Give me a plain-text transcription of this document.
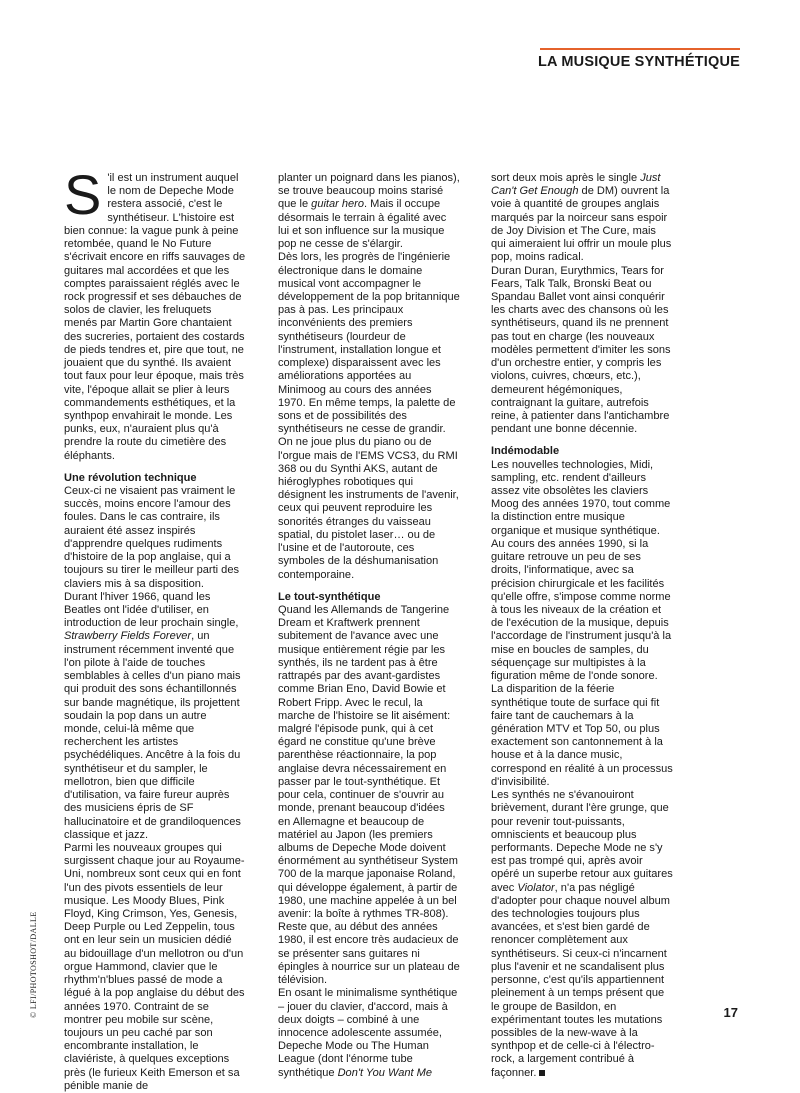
LA MUSIQUE SYNTHÉTIQUE

S 'il est un instrument auquel le nom de Depeche Mode restera associé, c'est le synthétiseur. L'histoire est bien connue: la vague punk à peine retombée, quand le No Future s'écrivait encore en riffs sauvages de guitares mal accordées et que les comptes paraissaient réglés avec le rock progressif et ses débauches de solos de clavier, les freluquets menés par Martin Gore chantaient des sucreries, portaient des costards de pieds tendres et, pire que tout, ne jouaient que du synthé. Ils avaient tout faux pour leur époque, mais très vite, l'époque allait se plier à leurs commandements esthétiques, et la synthpop envahirait le monde. Les punks, eux, n'auraient plus qu'à prendre la route du cimetière des éléphants.

Une révolution technique

Ceux-ci ne visaient pas vraiment le succès, moins encore l'amour des foules. Dans le cas contraire, ils auraient été assez inspirés d'apprendre quelques rudiments d'histoire de la pop anglaise, qui a toujours su tirer le meilleur parti des claviers mis à sa disposition.

Durant l'hiver 1966, quand les Beatles ont l'idée d'utiliser, en introduction de leur prochain single, Strawberry Fields Forever, un instrument récemment inventé que l'on pilote à l'aide de touches semblables à celles d'un piano mais qui produit des sons échantillonnés sur bande magnétique, ils projettent soudain la pop dans un autre monde, celui-là même que recherchent les artistes psychédéliques. Ancêtre à la fois du synthétiseur et du sampler, le mellotron, bien que difficile d'utilisation, va faire fureur auprès des musiciens épris de SF hallucinatoire et de grandiloquences classique et jazz.

Parmi les nouveaux groupes qui surgissent chaque jour au Royaume-Uni, nombreux sont ceux qui en font l'un des pivots essentiels de leur musique. Les Moody Blues, Pink Floyd, King Crimson, Yes, Genesis, Deep Purple ou Led Zeppelin, tous ont en leur sein un musicien dédié au bidouillage d'un mellotron ou d'un orgue Hammond, clavier que le rhythm'n'blues passé de mode a légué à la pop anglaise du début des années 1970. Contraint de se montrer peu mobile sur scène, toujours un peu caché par son encombrante installation, le claviériste, à quelques exceptions près (le furieux Keith Emerson et sa pénible manie de

planter un poignard dans les pianos), se trouve beaucoup moins starisé que le guitar hero. Mais il occupe désormais le terrain à égalité avec lui et son influence sur la musique pop ne cesse de s'élargir.

Dès lors, les progrès de l'ingénierie électronique dans le domaine musical vont accompagner le développement de la pop britannique pas à pas. Les principaux inconvénients des premiers synthétiseurs (lourdeur de l'instrument, installation longue et complexe) disparaissent avec les améliorations apportées au Minimoog au cours des années 1970. En même temps, la palette de sons et de possibilités des synthétiseurs ne cesse de grandir. On ne joue plus du piano ou de l'orgue mais de l'EMS VCS3, du RMI 368 ou du Synthi AKS, autant de hiéroglyphes robotiques qui désignent les instruments de l'avenir, ceux qui peuvent reproduire les sonorités étranges du vaisseau spatial, du pistolet laser… ou de l'usine et de l'autoroute, ces symboles de la déshumanisation contemporaine.

Le tout-synthétique

Quand les Allemands de Tangerine Dream et Kraftwerk prennent subitement de l'avance avec une musique entièrement régie par les synthés, ils ne tardent pas à être rattrapés par des avant-gardistes comme Brian Eno, David Bowie et Robert Fripp. Avec le recul, la marche de l'histoire se lit aisément: malgré l'épisode punk, qui à cet égard ne constitue qu'une brève parenthèse réactionnaire, la pop anglaise devra nécessairement en passer par le tout-synthétique. Et pour cela, continuer de s'ouvrir au monde, prenant beaucoup d'idées en Allemagne et beaucoup de matériel au Japon (les premiers albums de Depeche Mode doivent énormément au synthétiseur System 700 de la marque japonaise Roland, qui développe également, à partir de 1980, une machine appelée à un bel avenir: la boîte à rythmes TR-808). Reste que, au début des années 1980, il est encore très audacieux de se présenter sans guitares ni épingles à nourrice sur un plateau de télévision.

En osant le minimalisme synthétique – jouer du clavier, d'accord, mais à deux doigts – combiné à une innocence adolescente assumée, Depeche Mode ou The Human League (dont l'énorme tube synthétique Don't You Want Me

sort deux mois après le single Just Can't Get Enough de DM) ouvrent la voie à quantité de groupes anglais marqués par la noirceur sans espoir de Joy Division et The Cure, mais qui aimeraient lui offrir un moule plus pop, moins radical.

Duran Duran, Eurythmics, Tears for Fears, Talk Talk, Bronski Beat ou Spandau Ballet vont ainsi conquérir les charts avec des chansons où les synthétiseurs, quand ils ne prennent pas tout en charge (les nouveaux modèles permettent d'imiter les sons d'un orchestre entier, y compris les violons, cuivres, chœurs, etc.), demeurent hégémoniques, contraignant la guitare, autrefois reine, à patienter dans l'antichambre pendant une bonne décennie.

Indémodable

Les nouvelles technologies, Midi, sampling, etc. rendent d'ailleurs assez vite obsolètes les claviers Moog des années 1970, tout comme la distinction entre musique organique et musique synthétique. Au cours des années 1990, si la guitare retrouve un peu de ses droits, l'informatique, avec sa précision chirurgicale et les facilités qu'elle offre, s'impose comme norme à tous les niveaux de la création et de l'exécution de la musique, depuis l'accordage de l'instrument jusqu'à la mise en boucles de samples, du séquençage sur multipistes à la figuration même de l'onde sonore. La disparition de la féerie synthétique toute de surface qui fit faire tant de cauchemars à la génération MTV et Top 50, ou plus exactement son cantonnement à la house et à la dance music, correspond en réalité à un processus d'invisibilité.

Les synthés ne s'évanouiront brièvement, durant l'ère grunge, que pour revenir tout-puissants, omniscients et beaucoup plus performants. Depeche Mode ne s'y est pas trompé qui, après avoir opéré un superbe retour aux guitares avec Violator, n'a pas négligé d'adopter pour chaque nouvel album des technologies toujours plus avancées, et s'est bien gardé de renoncer complètement aux synthétiseurs. Si ceux-ci n'incarnent plus l'avenir et ne scandalisent plus personne, c'est qu'ils appartiennent pleinement à un temps présent que le groupe de Basildon, en expérimentant toutes les mutations possibles de la new-wave à la synthpop et de celle-ci à l'électro-rock, a largement contribué à façonner.

© LFI/PHOTOSHOT/DALLE	17
